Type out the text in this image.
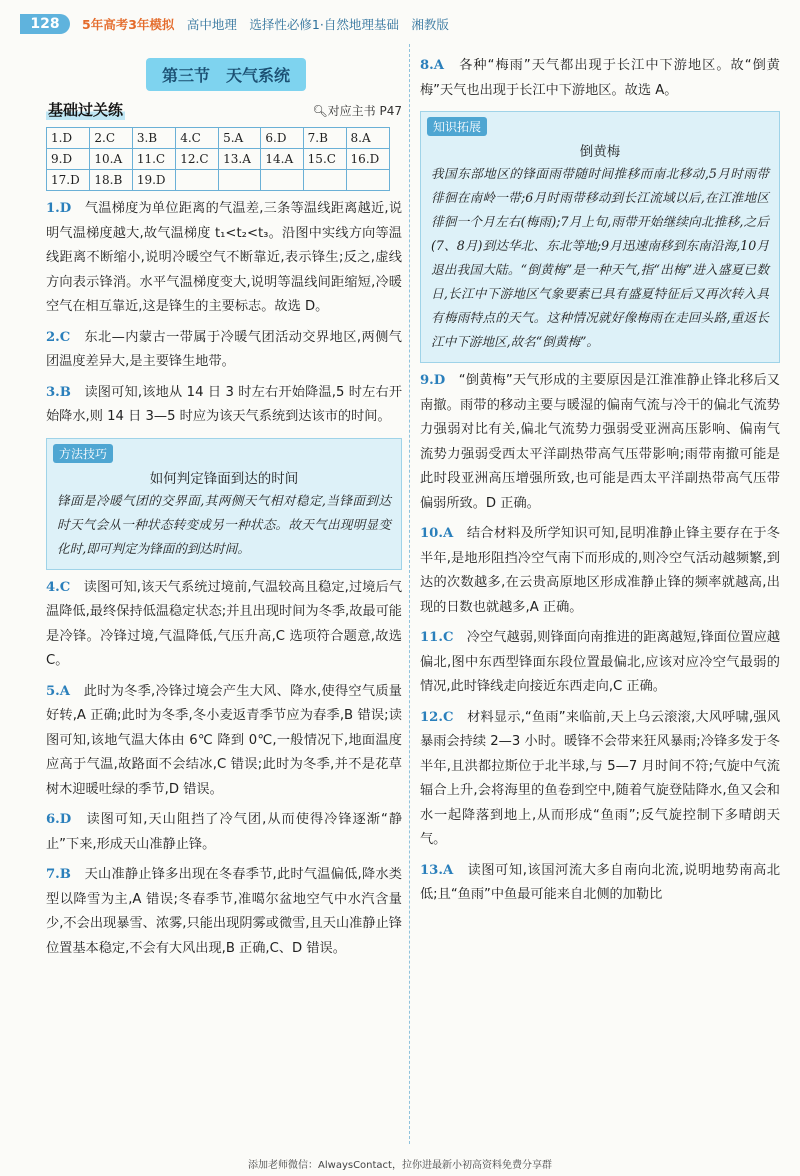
128	5年高考3年模拟　 高中地理　选择性必修1·自然地理基础　湘教版
第三节　天气系统
基础过关练	🔍︎对应主书 P47
1.D	2.C	3.B	4.C	5.A	6.D	7.B	8.A
9.D	10.A	11.C	12.C	13.A	14.A	15.C	16.D
17.D	18.B	19.D					

1.D　 气温梯度为单位距离的气温差,三条等温线距离越近,说明气温梯度越大,故气温梯度 t₁<t₂<t₃。沿图中实线方向等温线距离不断缩小,说明冷暖空气不断靠近,表示锋生;反之,虚线方向表示锋消。水平气温梯度变大,说明等温线间距缩短,冷暖空气在相互靠近,这是锋生的主要标志。故选 D。

2.C　 东北—内蒙古一带属于冷暖气团活动交界地区,两侧气团温度差异大,是主要锋生地带。

3.B　 读图可知,该地从 14 日 3 时左右开始降温,5 时左右开始降水,则 14 日 3—5 时应为该天气系统到达该市的时间。

方法技巧
如何判定锋面到达的时间
锋面是冷暖气团的交界面,其两侧天气相对稳定,当锋面到达时天气会从一种状态转变成另一种状态。故天气出现明显变化时,即可判定为锋面的到达时间。

4.C　 读图可知,该天气系统过境前,气温较高且稳定,过境后气温降低,最终保持低温稳定状态;并且出现时间为冬季,故最可能是冷锋。冷锋过境,气温降低,气压升高,C 选项符合题意,故选 C。

5.A　 此时为冬季,冷锋过境会产生大风、降水,使得空气质量好转,A 正确;此时为冬季,冬小麦返青季节应为春季,B 错误;读图可知,该地气温大体由 6℃ 降到 0℃,一般情况下,地面温度应高于气温,故路面不会结冰,C 错误;此时为冬季,并不是花草树木迎暖吐绿的季节,D 错误。

6.D　 读图可知,天山阻挡了冷气团,从而使得冷锋逐渐“静止”下来,形成天山准静止锋。

7.B　 天山准静止锋多出现在冬春季节,此时气温偏低,降水类型以降雪为主,A 错误;冬春季节,准噶尔盆地空气中水汽含量少,不会出现暴雪、浓雾,只能出现阴雾或微雪,且天山准静止锋位置基本稳定,不会有大风出现,B 正确,C、D 错误。

8.A　 各种“梅雨”天气都出现于长江中下游地区。故“倒黄梅”天气也出现于长江中下游地区。故选 A。

知识拓展
倒黄梅
我国东部地区的锋面雨带随时间推移而南北移动,5月时雨带徘徊在南岭一带;6月时雨带移动到长江流域以后,在江淮地区徘徊一个月左右(梅雨);7月上旬,雨带开始继续向北推移,之后(7、8月)到达华北、东北等地;9月迅速南移到东南沿海,10月退出我国大陆。“倒黄梅”是一种天气,指“出梅”进入盛夏已数日,长江中下游地区气象要素已具有盛夏特征后又再次转入具有梅雨特点的天气。这种情况就好像梅雨在走回头路,重返长江中下游地区,故名“倒黄梅”。

9.D　 “倒黄梅”天气形成的主要原因是江淮准静止锋北移后又南撤。雨带的移动主要与暖湿的偏南气流与冷干的偏北气流势力强弱对比有关,偏北气流势力强弱受亚洲高压影响、偏南气流势力强弱受西太平洋副热带高气压带影响;雨带南撤可能是此时段亚洲高压增强所致,也可能是西太平洋副热带高气压带偏弱所致。D 正确。

10.A　 结合材料及所学知识可知,昆明准静止锋主要存在于冬半年,是地形阻挡冷空气南下而形成的,则冷空气活动越频繁,到达的次数越多,在云贵高原地区形成准静止锋的频率就越高,出现的日数也就越多,A 正确。

11.C　 冷空气越弱,则锋面向南推进的距离越短,锋面位置应越偏北,图中东西型锋面东段位置最偏北,应该对应冷空气最弱的情况,此时锋线走向接近东西走向,C 正确。

12.C　 材料显示,“鱼雨”来临前,天上乌云滚滚,大风呼啸,强风暴雨会持续 2—3 小时。暖锋不会带来狂风暴雨;冷锋多发于冬半年,且洪都拉斯位于北半球,与 5—7 月时间不符;气旋中气流辐合上升,会将海里的鱼卷到空中,随着气旋登陆降水,鱼又会和水一起降落到地上,从而形成“鱼雨”;反气旋控制下多晴朗天气。

13.A　 读图可知,该国河流大多自南向北流,说明地势南高北低;且“鱼雨”中鱼最可能来自北侧的加勒比

添加老师微信：AlwaysContact，拉你进最新小初高资料免费分享群
